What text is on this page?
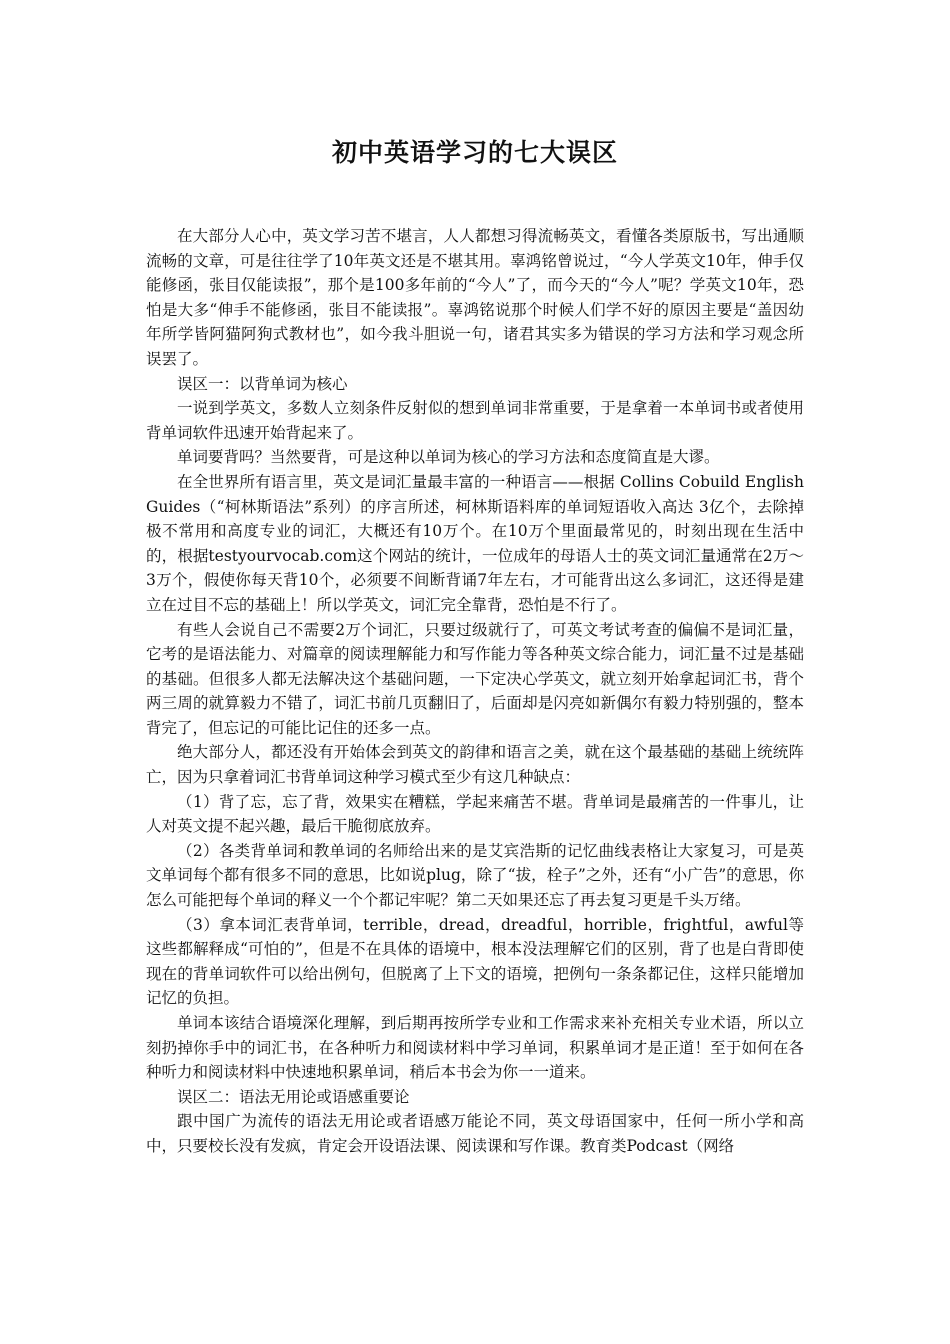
初中英语学习的七大误区

在大部分人心中，英文学习苦不堪言，人人都想习得流畅英文，看懂各类原版书，写出通顺流畅的文章，可是往往学了10年英文还是不堪其用。辜鸿铭曾说过，“今人学英文10年，伸手仅能修函，张目仅能读报”，那个是100多年前的“今人”了，而今天的“今人”呢？学英文10年，恐怕是大多“伸手不能修函，张目不能读报”。辜鸿铭说那个时候人们学不好的原因主要是“盖因幼年所学皆阿猫阿狗式教材也”，如今我斗胆说一句，诸君其实多为错误的学习方法和学习观念所误罢了。

误区一：以背单词为核心

一说到学英文，多数人立刻条件反射似的想到单词非常重要，于是拿着一本单词书或者使用背单词软件迅速开始背起来了。

单词要背吗？当然要背，可是这种以单词为核心的学习方法和态度简直是大谬。

在全世界所有语言里，英文是词汇量最丰富的一种语言——根据 Collins Cobuild English Guides（“柯林斯语法”系列）的序言所述，柯林斯语料库的单词短语收入高达 3亿个，去除掉极不常用和高度专业的词汇，大概还有10万个。在10万个里面最常见的，时刻出现在生活中的，根据testyourvocab.com这个网站的统计，一位成年的母语人士的英文词汇量通常在2万～3万个，假使你每天背10个，必须要不间断背诵7年左右，才可能背出这么多词汇，这还得是建立在过目不忘的基础上！所以学英文，词汇完全靠背，恐怕是不行了。

有些人会说自己不需要2万个词汇，只要过级就行了，可英文考试考查的偏偏不是词汇量，它考的是语法能力、对篇章的阅读理解能力和写作能力等各种英文综合能力，词汇量不过是基础的基础。但很多人都无法解决这个基础问题，一下定决心学英文，就立刻开始拿起词汇书，背个两三周的就算毅力不错了，词汇书前几页翻旧了，后面却是闪亮如新偶尔有毅力特别强的，整本背完了，但忘记的可能比记住的还多一点。

绝大部分人，都还没有开始体会到英文的韵律和语言之美，就在这个最基础的基础上统统阵亡，因为只拿着词汇书背单词这种学习模式至少有这几种缺点：

（1）背了忘，忘了背，效果实在糟糕，学起来痛苦不堪。背单词是最痛苦的一件事儿，让人对英文提不起兴趣，最后干脆彻底放弃。

（2）各类背单词和教单词的名师给出来的是艾宾浩斯的记忆曲线表格让大家复习，可是英文单词每个都有很多不同的意思，比如说plug，除了“拔，栓子”之外，还有“小广告”的意思，你怎么可能把每个单词的释义一个个都记牢呢？第二天如果还忘了再去复习更是千头万绪。

（3）拿本词汇表背单词，terrible，dread，dreadful，horrible，frightful，awful等这些都解释成“可怕的”，但是不在具体的语境中，根本没法理解它们的区别，背了也是白背即使现在的背单词软件可以给出例句，但脱离了上下文的语境，把例句一条条都记住，这样只能增加记忆的负担。

单词本该结合语境深化理解，到后期再按所学专业和工作需求来补充相关专业术语，所以立刻扔掉你手中的词汇书，在各种听力和阅读材料中学习单词，积累单词才是正道！至于如何在各种听力和阅读材料中快速地积累单词，稍后本书会为你一一道来。

误区二：语法无用论或语感重要论

跟中国广为流传的语法无用论或者语感万能论不同，英文母语国家中，任何一所小学和高中，只要校长没有发疯，肯定会开设语法课、阅读课和写作课。教育类Podcast（网络
